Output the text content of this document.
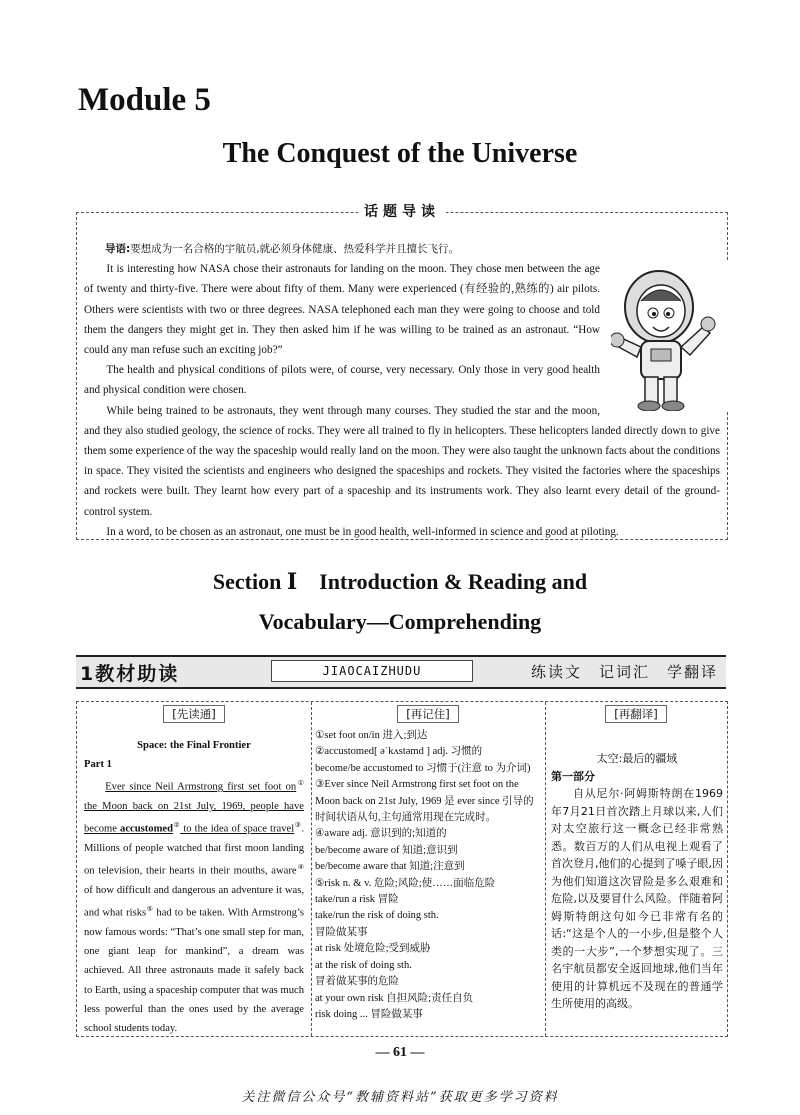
Module 5
The Conquest of the Universe
话题导读

导语:要想成为一名合格的宇航员,就必须身体健康、热爱科学并且擅长飞行。

It is interesting how NASA chose their astronauts for landing on the moon. They chose men between the age of twenty and thirty-five. There were about fifty of them. Many were experienced (有经验的,熟练的) air pilots. Others were scientists with two or three degrees. NASA telephoned each man they were going to choose and told them the dangers they might get in. They then asked him if he was willing to be trained as an astronaut. “How could any man refuse such an exciting job?”

The health and physical conditions of pilots were, of course, very necessary. Only those in very good health and physical condition were chosen.

While being trained to be astronauts, they went through many courses. They studied the star and the moon, and they also studied geology, the science of rocks. They were all trained to fly in helicopters. These helicopters landed directly down to give them some experience of the way the spaceship would really land on the moon. They were also taught the unknown facts about the conditions in space. They visited the scientists and engineers who designed the spaceships and rockets. They visited the factories where the spaceships and rockets were built. They learnt how every part of a spaceship and its instruments work. They also learnt every detail of the ground-control system.

In a word, to be chosen as an astronaut, one must be in good health, well-informed in science and good at piloting.

Section Ⅰ　Introduction & Reading and
Vocabulary—Comprehending
1教材助读	JIAOCAIZHUDU	练读文　记词汇　学翻译
[先读通]

Space: the Final Frontier

Part 1

Ever since Neil Armstrong first set foot on① the Moon back on 21st July, 1969, people have become accustomed② to the idea of space travel③. Millions of people watched that first moon landing on television, their hearts in their mouths, aware④ of how difficult and dangerous an adventure it was, and what risks⑤ had to be taken. With Armstrong’s now famous words: “That’s one small step for man, one giant leap for mankind”, a dream was achieved. All three astronauts made it safely back to Earth, using a spaceship computer that was much less powerful than the ones used by the average school students today.

[再记住]
①set foot on/in 进入;到达
②accustomed[ əˈkʌstəmd ] adj. 习惯的
become/be accustomed to 习惯于(注意 to 为介词)
③Ever since Neil Armstrong first set foot on the Moon back on 21st July, 1969 是 ever since 引导的时间状语从句,主句通常用现在完成时。
④aware adj. 意识到的;知道的
be/become aware of 知道;意识到
be/become aware that 知道;注意到
⑤risk n. & v. 危险;风险;使……面临危险
take/run a risk 冒险
take/run the risk of doing sth.
冒险做某事
at risk 处境危险;受到威胁
at the risk of doing sth.
冒着做某事的危险
at your own risk 自担风险;责任自负
risk doing ... 冒险做某事
[再翻译]

太空:最后的疆域

第一部分

自从尼尔·阿姆斯特朗在1969年7月21日首次踏上月球以来,人们对太空旅行这一概念已经非常熟悉。数百万的人们从电视上观看了首次登月,他们的心提到了嗓子眼,因为他们知道这次冒险是多么艰难和危险,以及要冒什么风险。伴随着阿姆斯特朗这句如今已非常有名的话:“这是个人的一小步,但是整个人类的一大步”,一个梦想实现了。三名宇航员都安全返回地球,他们当年使用的计算机远不及现在的普通学生所使用的高级。

— 61 —
关注微信公众号“教辅资料站”获取更多学习资料
